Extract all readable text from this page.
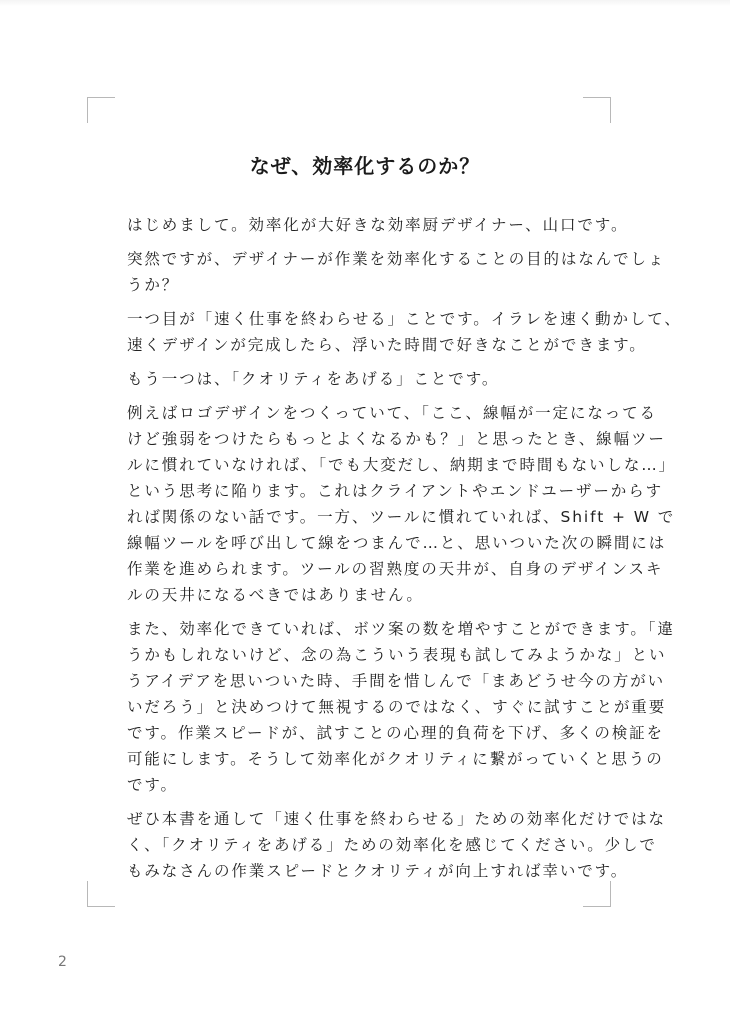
なぜ、効率化するのか？

はじめまして。効率化が大好きな効率厨デザイナー、山口です。

突然ですが、デザイナーが作業を効率化することの目的はなんでしょ
うか？

一つ目が「速く仕事を終わらせる」ことです。イラレを速く動かして、
速くデザインが完成したら、浮いた時間で好きなことができます。

もう一つは、「クオリティをあげる」ことです。

例えばロゴデザインをつくっていて、「ここ、線幅が一定になってる
けど強弱をつけたらもっとよくなるかも？」と思ったとき、線幅ツー
ルに慣れていなければ、「でも大変だし、納期まで時間もないしな…」
という思考に陥ります。これはクライアントやエンドユーザーからす
れば関係のない話です。一方、ツールに慣れていれば、Shift + W で
線幅ツールを呼び出して線をつまんで…と、思いついた次の瞬間には
作業を進められます。ツールの習熟度の天井が、自身のデザインスキ
ルの天井になるべきではありません。

また、効率化できていれば、ボツ案の数を増やすことができます。「違
うかもしれないけど、念の為こういう表現も試してみようかな」とい
うアイデアを思いついた時、手間を惜しんで「まあどうせ今の方がい
いだろう」と決めつけて無視するのではなく、すぐに試すことが重要
です。作業スピードが、試すことの心理的負荷を下げ、多くの検証を
可能にします。そうして効率化がクオリティに繋がっていくと思うの
です。

ぜひ本書を通して「速く仕事を終わらせる」ための効率化だけではな
く、「クオリティをあげる」ための効率化を感じてください。少しで
もみなさんの作業スピードとクオリティが向上すれば幸いです。

2
